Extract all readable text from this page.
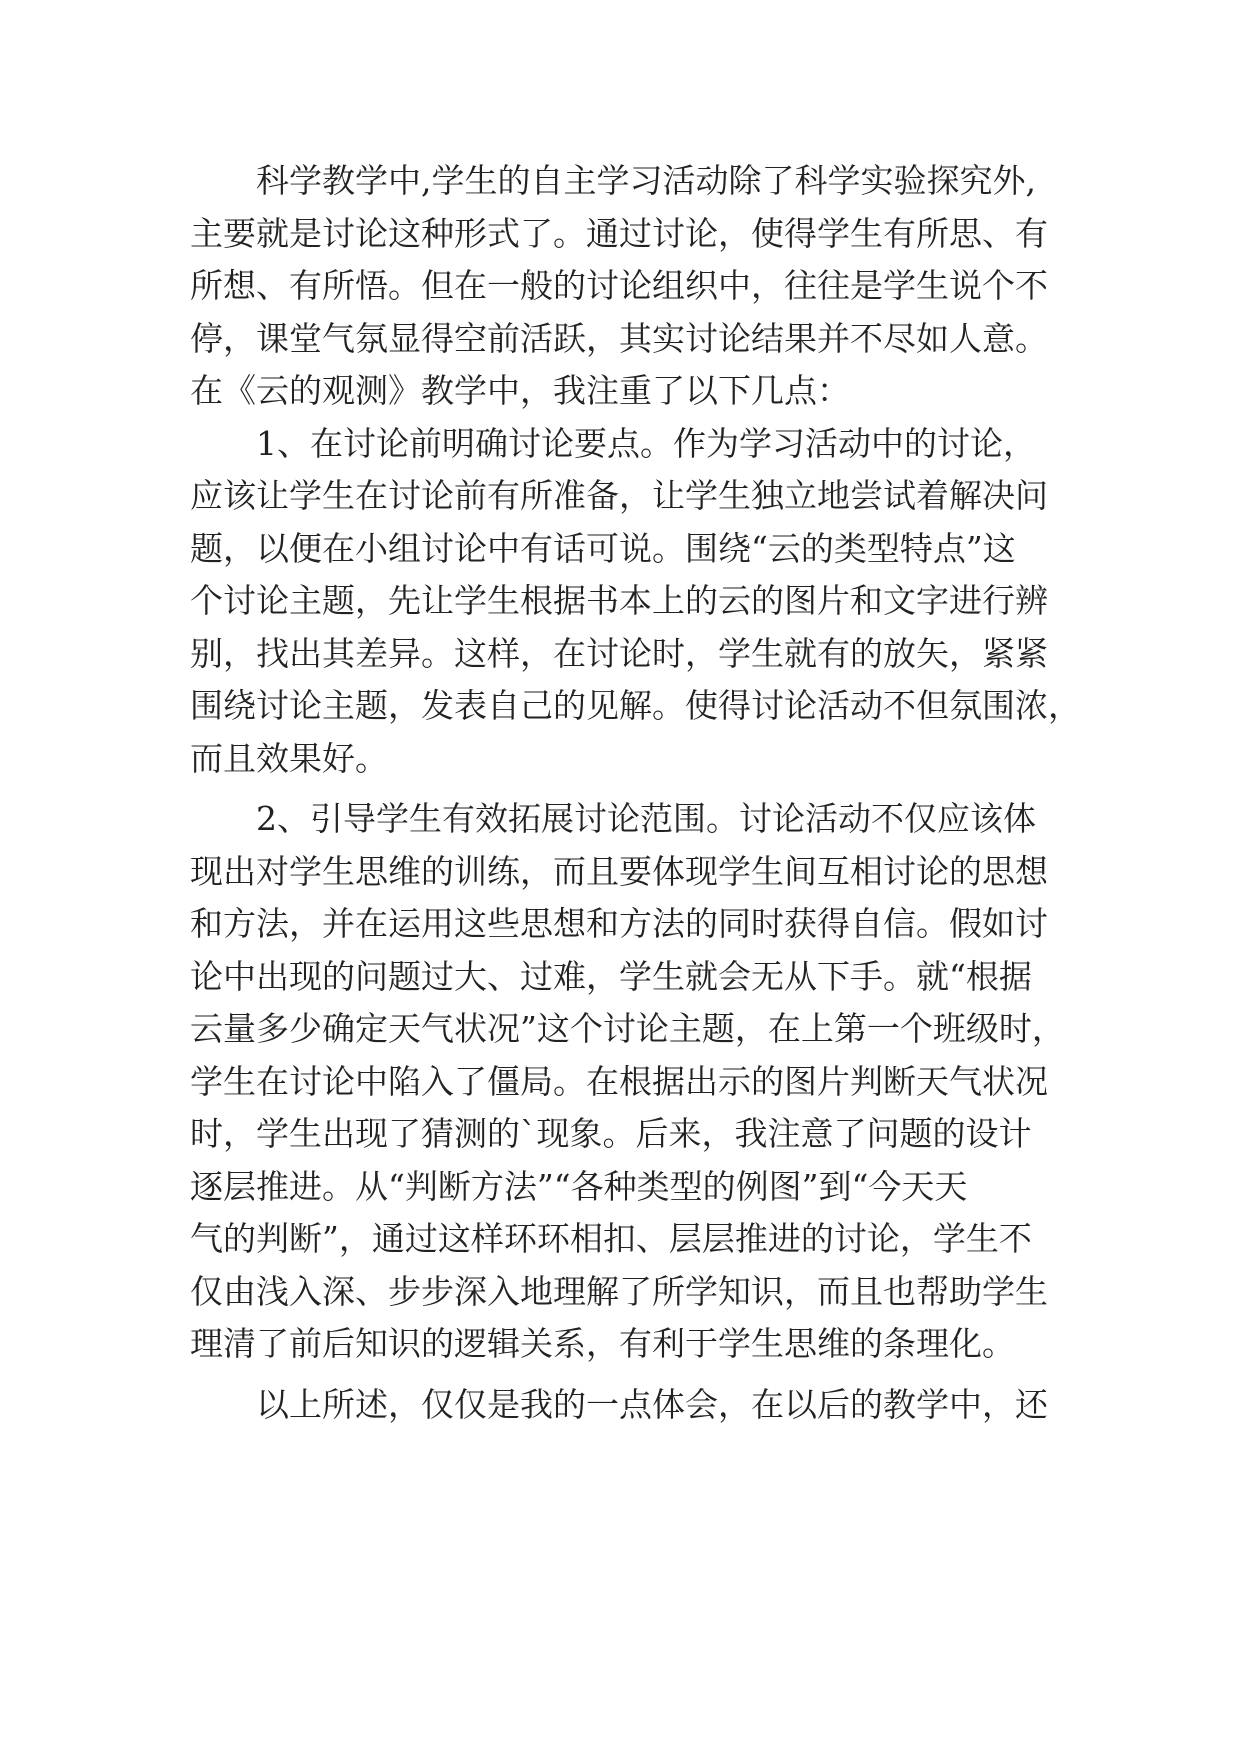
科学教学中,学生的自主学习活动除了科学实验探究外,
主要就是讨论这种形式了。通过讨论，使得学生有所思、有
所想、有所悟。但在一般的讨论组织中，往往是学生说个不
停，课堂气氛显得空前活跃，其实讨论结果并不尽如人意。
在《云的观测》教学中，我注重了以下几点：
1、在讨论前明确讨论要点。作为学习活动中的讨论，
应该让学生在讨论前有所准备，让学生独立地尝试着解决问
题，以便在小组讨论中有话可说。围绕“云的类型特点”这
个讨论主题，先让学生根据书本上的云的图片和文字进行辨
别，找出其差异。这样，在讨论时，学生就有的放矢，紧紧
围绕讨论主题，发表自己的见解。使得讨论活动不但氛围浓，
而且效果好。
2、引导学生有效拓展讨论范围。讨论活动不仅应该体
现出对学生思维的训练，而且要体现学生间互相讨论的思想
和方法，并在运用这些思想和方法的同时获得自信。假如讨
论中出现的问题过大、过难，学生就会无从下手。就“根据
云量多少确定天气状况”这个讨论主题，在上第一个班级时，
学生在讨论中陷入了僵局。在根据出示的图片判断天气状况
时，学生出现了猜测的`现象。后来，我注意了问题的设计
逐层推进。从“判断方法”“各种类型的例图”到“今天天
气的判断”，通过这样环环相扣、层层推进的讨论，学生不
仅由浅入深、步步深入地理解了所学知识，而且也帮助学生
理清了前后知识的逻辑关系，有利于学生思维的条理化。
以上所述，仅仅是我的一点体会，在以后的教学中，还
